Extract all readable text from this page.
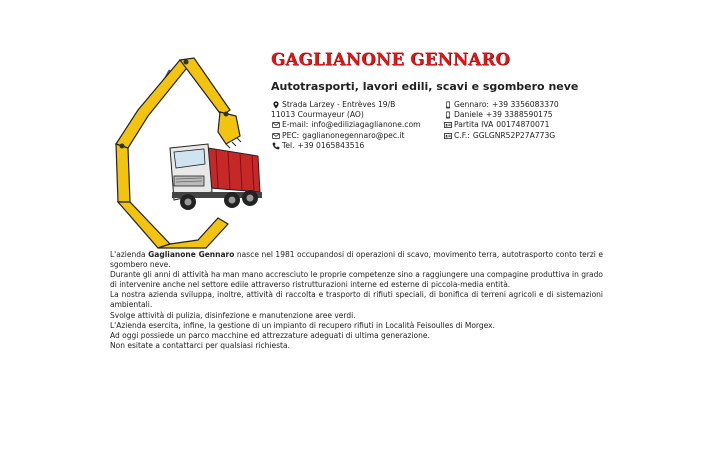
GAGLIANONE GENNARO
Autotrasporti, lavori edili, scavi e sgombero neve
Strada Larzey - Entrèves 19/B
11013 Courmayeur (AO)
E-mail: info@ediliziagaglianone.com
PEC: gaglianonegennaro@pec.it
Tel. +39 0165843516
Gennaro: +39 3356083370
Daniele +39 3388590175
Partita IVA 00174870071
C.F.: GGLGNR52P27A773G

L'azienda Gaglianone Gennaro nasce nel 1981 occupandosi di operazioni di scavo, movimento terra, autotrasporto conto terzi e sgombero neve.

Durante gli anni di attività ha man mano accresciuto le proprie competenze sino a raggiungere una compagine produttiva in grado di intervenire anche nel settore edile attraverso ristrutturazioni interne ed esterne di piccola-media entità.

La nostra azienda sviluppa, inoltre, attività di raccolta e trasporto di rifiuti speciali, di bonifica di terreni agricoli e di sistemazioni ambientali.

Svolge attività di pulizia, disinfezione e manutenzione aree verdi.

L'Azienda esercita, infine, la gestione di un impianto di recupero rifiuti in Località Feisoulles di Morgex.

Ad oggi possiede un parco macchine ed attrezzature adeguati di ultima generazione.

Non esitate a contattarci per qualsiasi richiesta.
